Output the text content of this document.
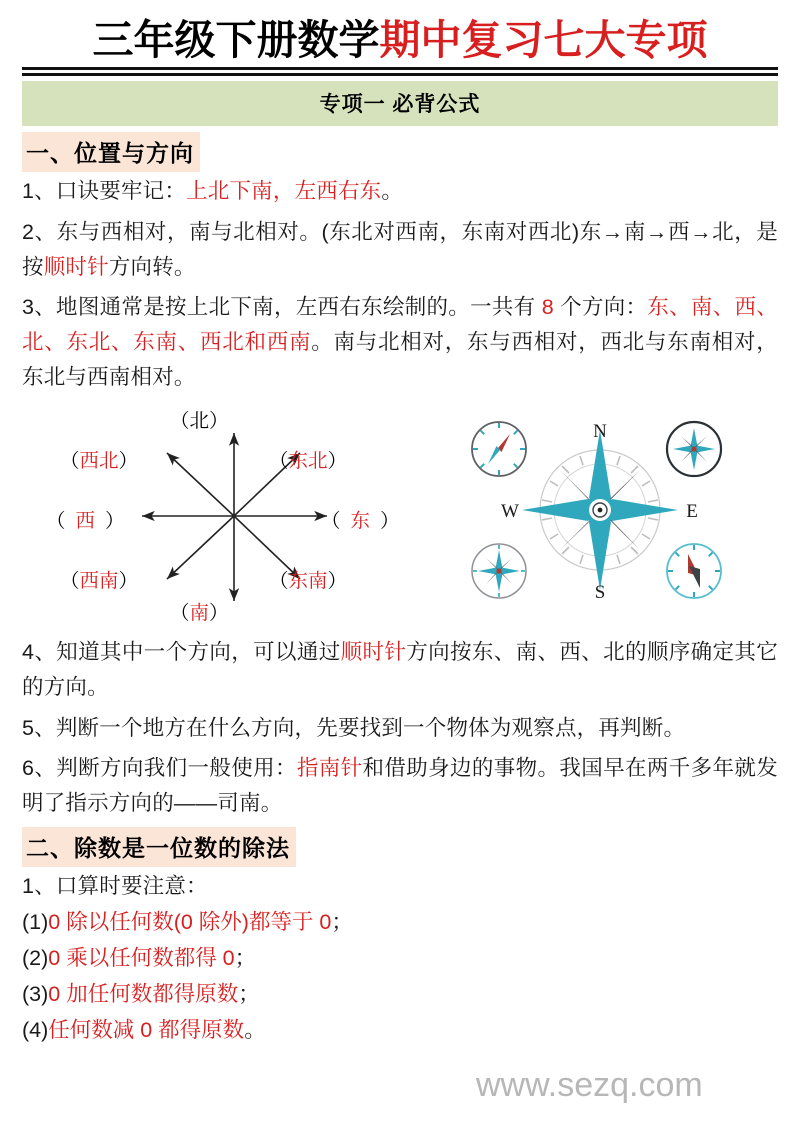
三年级下册数学期中复习七大专项
专项一 必背公式
一、位置与方向
1、口诀要牢记：上北下南，左西右东。
2、东与西相对，南与北相对。(东北对西南，东南对西北)东→南→西→北，是按顺时针方向转。
3、地图通常是按上北下南，左西右东绘制的。一共有 8 个方向：东、南、西、北、东北、东南、西北和西南。南与北相对，东与西相对，西北与东南相对，东北与西南相对。
（北）
（西北）	（东北）
（ 西 ）	（ 东 ）
（西南）	（东南）
（南）
N
S
W	E
4、知道其中一个方向，可以通过顺时针方向按东、南、西、北的顺序确定其它的方向。
5、判断一个地方在什么方向，先要找到一个物体为观察点，再判断。
6、判断方向我们一般使用：指南针和借助身边的事物。我国早在两千多年就发明了指示方向的——司南。
二、除数是一位数的除法
1、口算时要注意：
(1)0 除以任何数(0 除外)都等于 0；
(2)0 乘以任何数都得 0；
(3)0 加任何数都得原数；
(4)任何数减 0 都得原数。
www.sezq.com
